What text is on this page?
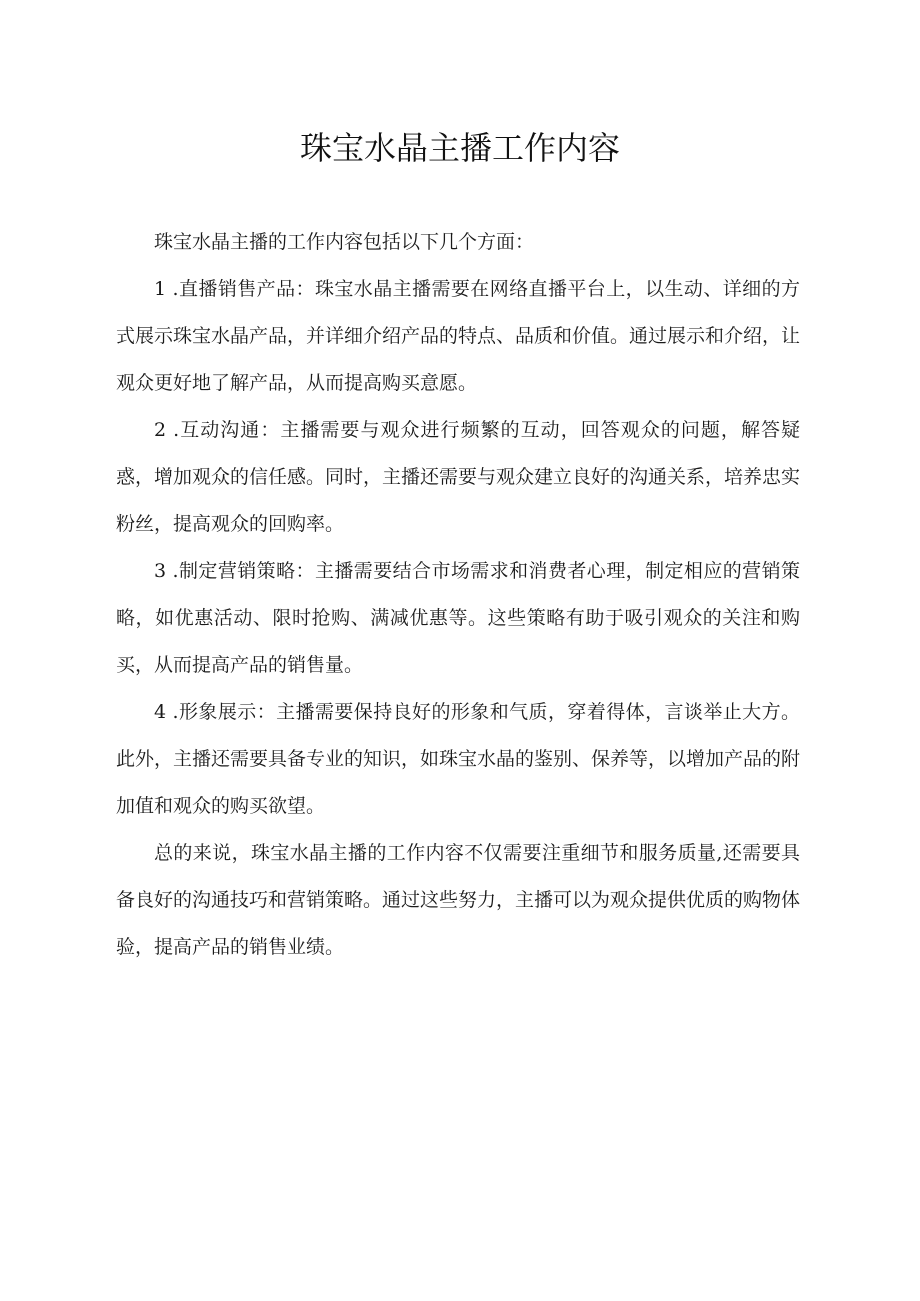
珠宝水晶主播工作内容

珠宝水晶主播的工作内容包括以下几个方面：

1 .直播销售产品：珠宝水晶主播需要在网络直播平台上，以生动、详细的方式展示珠宝水晶产品，并详细介绍产品的特点、品质和价值。通过展示和介绍，让观众更好地了解产品，从而提高购买意愿。

2 .互动沟通：主播需要与观众进行频繁的互动，回答观众的问题，解答疑惑，增加观众的信任感。同时，主播还需要与观众建立良好的沟通关系，培养忠实粉丝，提高观众的回购率。

3 .制定营销策略：主播需要结合市场需求和消费者心理，制定相应的营销策略，如优惠活动、限时抢购、满减优惠等。这些策略有助于吸引观众的关注和购买，从而提高产品的销售量。

4 .形象展示：主播需要保持良好的形象和气质，穿着得体，言谈举止大方。此外，主播还需要具备专业的知识，如珠宝水晶的鉴别、保养等，以增加产品的附加值和观众的购买欲望。

总的来说，珠宝水晶主播的工作内容不仅需要注重细节和服务质量,还需要具备良好的沟通技巧和营销策略。通过这些努力，主播可以为观众提供优质的购物体验，提高产品的销售业绩。
